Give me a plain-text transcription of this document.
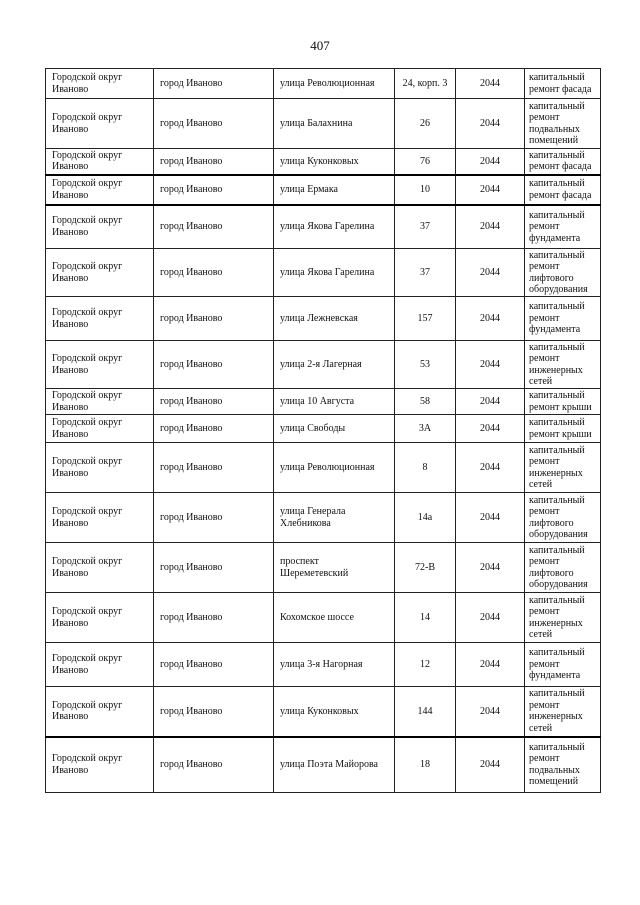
407
Городской округ Иваново	город Иваново	улица Революционная	24, корп. 3	2044	капитальный ремонт фасада
Городской округ Иваново	город Иваново	улица Балахнина	26	2044	капитальный ремонт подвальных помещений
Городской округ Иваново	город Иваново	улица Куконковых	76	2044	капитальный ремонт фасада
Городской округ Иваново	город Иваново	улица Ермака	10	2044	капитальный ремонт фасада
Городской округ Иваново	город Иваново	улица Якова Гарелина	37	2044	капитальный ремонт фундамента
Городской округ Иваново	город Иваново	улица Якова Гарелина	37	2044	капитальный ремонт лифтового оборудования
Городской округ Иваново	город Иваново	улица Лежневская	157	2044	капитальный ремонт фундамента
Городской округ Иваново	город Иваново	улица 2-я Лагерная	53	2044	капитальный ремонт инженерных сетей
Городской округ Иваново	город Иваново	улица 10 Августа	58	2044	капитальный ремонт крыши
Городской округ Иваново	город Иваново	улица Свободы	3А	2044	капитальный ремонт крыши
Городской округ Иваново	город Иваново	улица Революционная	8	2044	капитальный ремонт инженерных сетей
Городской округ Иваново	город Иваново	улица Генерала Хлебникова	14а	2044	капитальный ремонт лифтового оборудования
Городской округ Иваново	город Иваново	проспект Шереметевский	72-В	2044	капитальный ремонт лифтового оборудования
Городской округ Иваново	город Иваново	Кохомское шоссе	14	2044	капитальный ремонт инженерных сетей
Городской округ Иваново	город Иваново	улица 3-я Нагорная	12	2044	капитальный ремонт фундамента
Городской округ Иваново	город Иваново	улица Куконковых	144	2044	капитальный ремонт инженерных сетей
Городской округ Иваново	город Иваново	улица Поэта Майорова	18	2044	капитальный ремонт подвальных помещений
